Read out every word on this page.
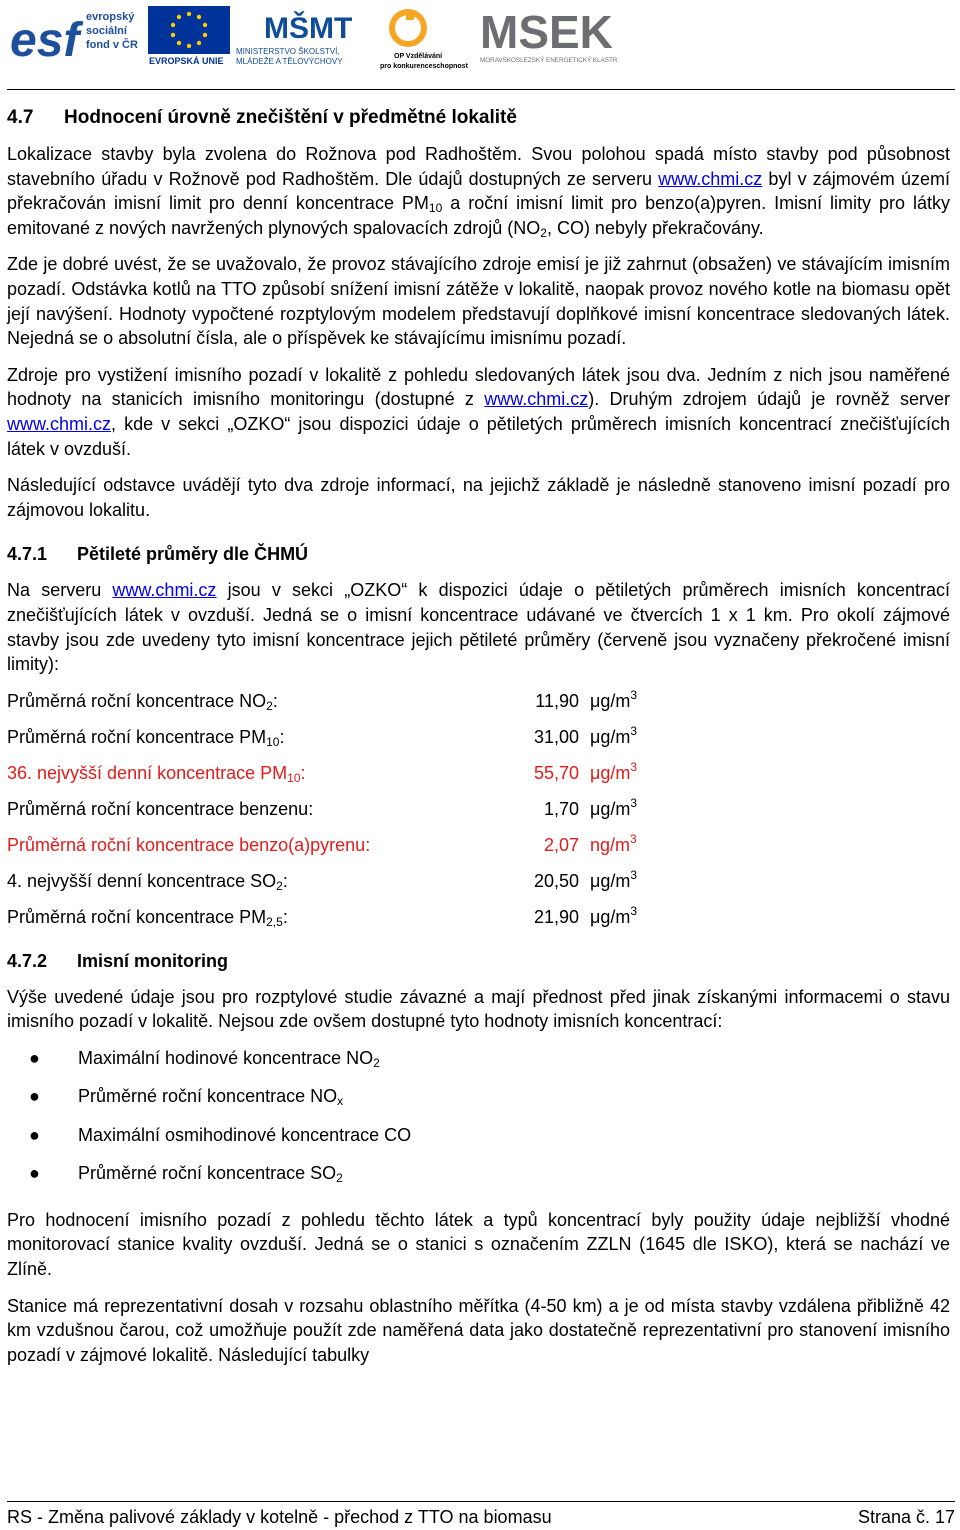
esf evropský
sociální
fond v ČR
EVROPSKÁ UNIE
MŠMT
MINISTERSTVO ŠKOLSTVÍ,
MLÁDEŽE A TĚLOVÝCHOVY
OP Vzdělávání
pro konkurenceschopnost
MSEK
MORAVSKOSLEZSKÝ ENERGETICKÝ KLASTR
4.7 Hodnocení úrovně znečištění v předmětné lokalitě

Lokalizace stavby byla zvolena do Rožnova pod Radhoštěm. Svou polohou spadá místo stavby pod působnost stavebního úřadu v Rožnově pod Radhoštěm. Dle údajů dostupných ze serveru www.chmi.cz byl v zájmovém území překračován imisní limit pro denní koncentrace $PM_{10}$ a roční imisní limit pro benzo(a)pyren. Imisní limity pro látky emitované z nových navržených plynových spalovacích zdrojů ($NO_2$, CO) nebyly překračovány.

Zde je dobré uvést, že se uvažovalo, že provoz stávajícího zdroje emisí je již zahrnut (obsažen) ve stávajícím imisním pozadí. Odstávka kotlů na TTO způsobí snížení imisní zátěže v lokalitě, naopak provoz nového kotle na biomasu opět její navýšení. Hodnoty vypočtené rozptylovým modelem představují doplňkové imisní koncentrace sledovaných látek. Nejedná se o absolutní čísla, ale o příspěvek ke stávajícímu imisnímu pozadí.

Zdroje pro vystižení imisního pozadí v lokalitě z pohledu sledovaných látek jsou dva. Jedním z nich jsou naměřené hodnoty na stanicích imisního monitoringu (dostupné z www.chmi.cz). Druhým zdrojem údajů je rovněž server www.chmi.cz, kde v sekci „OZKO“ jsou dispozici údaje o pětiletých průměrech imisních koncentrací znečišťujících látek v ovzduší.

Následující odstavce uvádějí tyto dva zdroje informací, na jejichž základě je následně stanoveno imisní pozadí pro zájmovou lokalitu.

4.7.1 Pětileté průměry dle ČHMÚ

Na serveru www.chmi.cz jsou v sekci „OZKO“ k dispozici údaje o pětiletých průměrech imisních koncentrací znečišťujících látek v ovzduší. Jedná se o imisní koncentrace udávané ve čtvercích 1 x 1 km. Pro okolí zájmové stavby jsou zde uvedeny tyto imisní koncentrace jejich pětileté průměry (červeně jsou vyznačeny překročené imisní limity):

Průměrná roční koncentrace $NO_2$:	11,90 $\mu g/m^3$
Průměrná roční koncentrace $PM_{10}$:	31,00 $\mu g/m^3$
36. nejvyšší denní koncentrace $PM_{10}$:	55,70 $\mu g/m^3$
Průměrná roční koncentrace benzenu:	1,70 $\mu g/m^3$
Průměrná roční koncentrace benzo(a)pyrenu:	2,07 $ng/m^3$
4. nejvyšší denní koncentrace $SO_2$:	20,50 $\mu g/m^3$
Průměrná roční koncentrace $PM_{2,5}$:	21,90 $\mu g/m^3$
4.7.2 Imisní monitoring

Výše uvedené údaje jsou pro rozptylové studie závazné a mají přednost před jinak získanými informacemi o stavu imisního pozadí v lokalitě. Nejsou zde ovšem dostupné tyto hodnoty imisních koncentrací:

● Maximální hodinové koncentrace $NO_2$
● Průměrné roční koncentrace $NO_x$
● Maximální osmihodinové koncentrace CO
● Průměrné roční koncentrace $SO_2$

Pro hodnocení imisního pozadí z pohledu těchto látek a typů koncentrací byly použity údaje nejbližší vhodné monitorovací stanice kvality ovzduší. Jedná se o stanici s označením ZZLN (1645 dle ISKO), která se nachází ve Zlíně.

Stanice má reprezentativní dosah v rozsahu oblastního měřítka (4-50 km) a je od místa stavby vzdálena přibližně 42 km vzdušnou čarou, což umožňuje použít zde naměřená data jako dostatečně reprezentativní pro stanovení imisního pozadí v zájmové lokalitě. Následující tabulky

RS - Změna palivové základy v kotelně - přechod z TTO na biomasu	Strana č. 17
